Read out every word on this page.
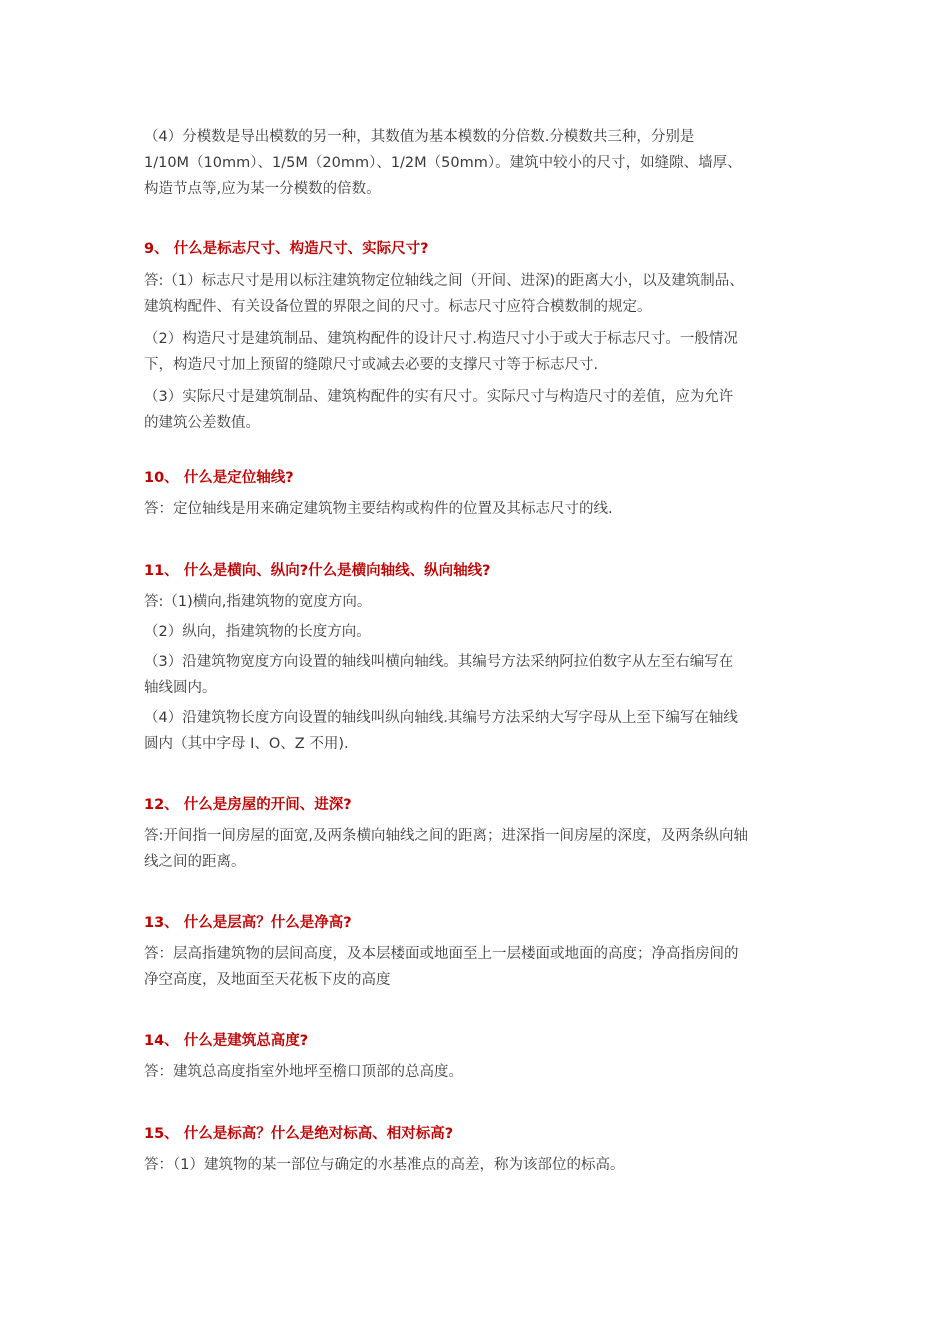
（4）分模数是导出模数的另一种，其数值为基本模数的分倍数.分模数共三种，分别是
1/10M（10mm）、1/5M（20mm）、1/2M（50mm）。建筑中较小的尺寸，如缝隙、墙厚、
构造节点等,应为某一分模数的倍数。
9、 什么是标志尺寸、构造尺寸、实际尺寸?
答:（1）标志尺寸是用以标注建筑物定位轴线之间（开间、进深)的距离大小，以及建筑制品、
建筑构配件、有关设备位置的界限之间的尺寸。标志尺寸应符合模数制的规定。
（2）构造尺寸是建筑制品、建筑构配件的设计尺寸.构造尺寸小于或大于标志尺寸。一般情况
下，构造尺寸加上预留的缝隙尺寸或减去必要的支撑尺寸等于标志尺寸.
（3）实际尺寸是建筑制品、建筑构配件的实有尺寸。实际尺寸与构造尺寸的差值，应为允许
的建筑公差数值。
10、 什么是定位轴线?
答：定位轴线是用来确定建筑物主要结构或构件的位置及其标志尺寸的线.
11、 什么是横向、纵向?什么是横向轴线、纵向轴线?
答:（1)横向,指建筑物的宽度方向。
（2）纵向，指建筑物的长度方向。
（3）沿建筑物宽度方向设置的轴线叫横向轴线。其编号方法采纳阿拉伯数字从左至右编写在
轴线圆内。
（4）沿建筑物长度方向设置的轴线叫纵向轴线.其编号方法采纳大写字母从上至下编写在轴线
圆内（其中字母 I、O、Z 不用).
12、 什么是房屋的开间、进深?
答:开间指一间房屋的面宽,及两条横向轴线之间的距离；进深指一间房屋的深度，及两条纵向轴
线之间的距离。
13、 什么是层高？什么是净高?
答：层高指建筑物的层间高度，及本层楼面或地面至上一层楼面或地面的高度；净高指房间的
净空高度，及地面至天花板下皮的高度
14、 什么是建筑总高度?
答：建筑总高度指室外地坪至檐口顶部的总高度。
15、 什么是标高？什么是绝对标高、相对标高?
答：（1）建筑物的某一部位与确定的水基准点的高差，称为该部位的标高。
